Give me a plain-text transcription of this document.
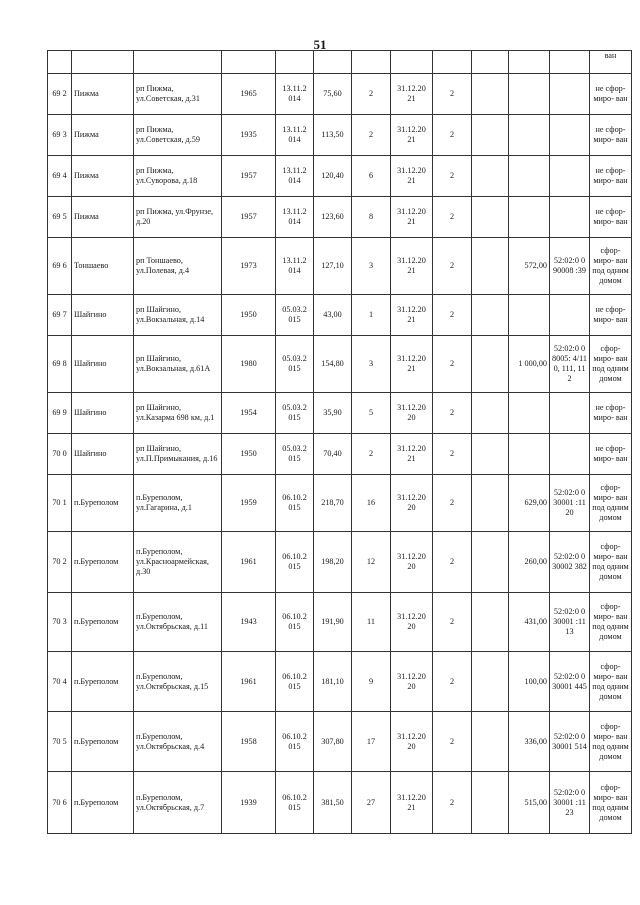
51
												ван
69 2	Пижма	рп Пижма, ул.Советская, д.31	1965	13.11.2 014	75,60	2	31.12.20 21	2				не сфор- миро- ван
69 3	Пижма	рп Пижма, ул.Советская, д.59	1935	13.11.2 014	113,50	2	31.12.20 21	2				не сфор- миро- ван
69 4	Пижма	рп Пижма, ул.Суворова, д.18	1957	13.11.2 014	120,40	6	31.12.20 21	2				не сфор- миро- ван
69 5	Пижма	рп Пижма, ул.Фрунзе, д.20	1957	13.11.2 014	123,60	8	31.12.20 21	2				не сфор- миро- ван
69 6	Тоншаево	рп Тоншаево, ул.Полевая, д.4	1973	13.11.2 014	127,10	3	31.12.20 21	2		572,00	52:02:0 090008 :39	сфор- миро- ван под одним домом
69 7	Шайгино	рп Шайгино, ул.Вокзальная, д.14	1950	05.03.2 015	43,00	1	31.12.20 21	2				не сфор- миро- ван
69 8	Шайгино	рп Шайгино, ул.Вокзальная, д.61А	1980	05.03.2 015	154,80	3	31.12.20 21	2		1 000,00	52:02:0 08005: 4/110, 111, 112	сфор- миро- ван под одним домом
69 9	Шайгино	рп Шайгино, ул.Казарма 698 км, д.1	1954	05.03.2 015	35,90	5	31.12.20 20	2				не сфор- миро- ван
70 0	Шайгино	рп Шайгино, ул.П.Примыкания, д.16	1950	05.03.2 015	70,40	2	31.12.20 21	2				не сфор- миро- ван
70 1	п.Буреполом	п.Буреполом, ул.Гагарина, д.1	1959	06.10.2 015	218,70	16	31.12.20 20	2		629,00	52:02:0 030001 :1120	сфор- миро- ван под одним домом
70 2	п.Буреполом	п.Буреполом, ул.Красноармейская, д.30	1961	06.10.2 015	198,20	12	31.12.20 20	2		260,00	52:02:0 030002 382	сфор- миро- ван под одним домом
70 3	п.Буреполом	п.Буреполом, ул.Октябрьская, д.11	1943	06.10.2 015	191,90	11	31.12.20 20	2		431,00	52:02:0 030001 :1113	сфор- миро- ван под одним домом
70 4	п.Буреполом	п.Буреполом, ул.Октябрьская, д.15	1961	06.10.2 015	181,10	9	31.12.20 20	2		100,00	52:02:0 030001 445	сфор- миро- ван под одним домом
70 5	п.Буреполом	п.Буреполом, ул.Октябрьская, д.4	1958	06.10.2 015	307,80	17	31.12.20 20	2		336,00	52:02:0 030001 514	сфор- миро- ван под одним домом
70 6	п.Буреполом	п.Буреполом, ул.Октябрьская, д.7	1939	06.10.2 015	381,50	27	31.12.20 21	2		515,00	52:02:0 030001 :1123	сфор- миро- ван под одним домом
